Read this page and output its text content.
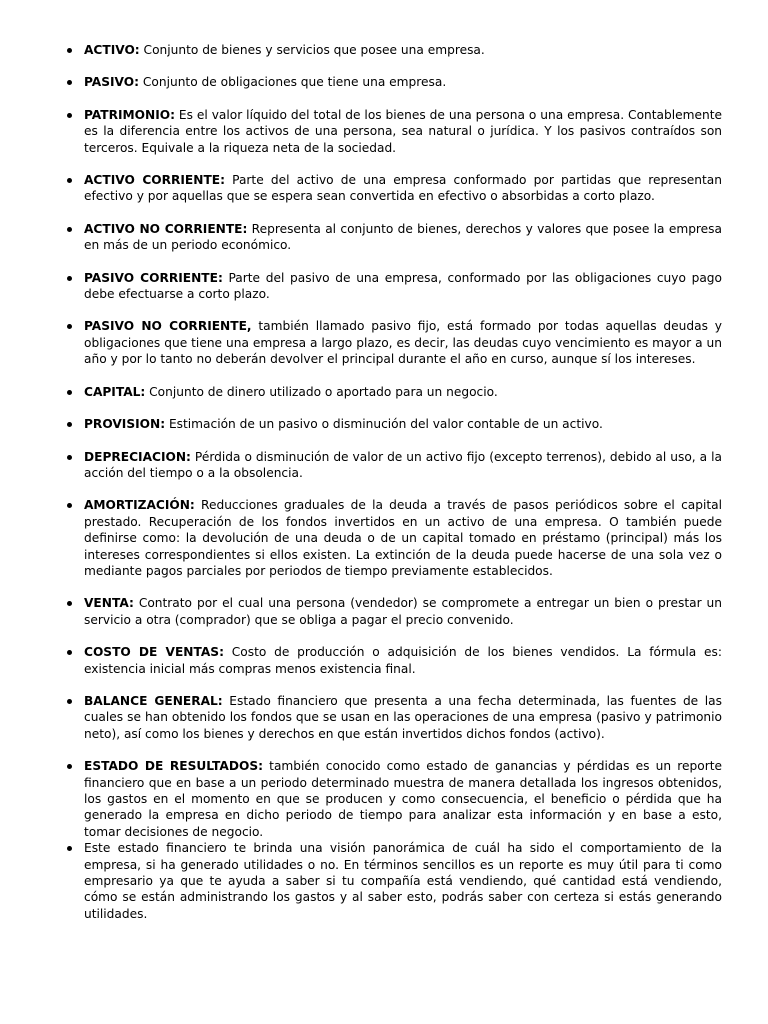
ACTIVO: Conjunto de bienes y servicios que posee una empresa.
PASIVO: Conjunto de obligaciones que tiene una empresa.
PATRIMONIO: Es el valor líquido del total de los bienes de una persona o una empresa. Contablemente es la diferencia entre los activos de una persona, sea natural o jurídica. Y los pasivos contraídos son terceros. Equivale a la riqueza neta de la sociedad.
ACTIVO CORRIENTE: Parte del activo de una empresa conformado por partidas que representan efectivo y por aquellas que se espera sean convertida en efectivo o absorbidas a corto plazo.
ACTIVO NO CORRIENTE: Representa al conjunto de bienes, derechos y valores que posee la empresa en más de un periodo económico.
PASIVO CORRIENTE: Parte del pasivo de una empresa, conformado por las obligaciones cuyo pago debe efectuarse a corto plazo.
PASIVO NO CORRIENTE, también llamado pasivo fijo, está formado por todas aquellas deudas y obligaciones que tiene una empresa a largo plazo, es decir, las deudas cuyo vencimiento es mayor a un año y por lo tanto no deberán devolver el principal durante el año en curso, aunque sí los intereses.
CAPITAL: Conjunto de dinero utilizado o aportado para un negocio.
PROVISION: Estimación de un pasivo o disminución del valor contable de un activo.
DEPRECIACION: Pérdida o disminución de valor de un activo fijo (excepto terrenos), debido al uso, a la acción del tiempo o a la obsolencia.
AMORTIZACIÓN: Reducciones graduales de la deuda a través de pasos periódicos sobre el capital prestado. Recuperación de los fondos invertidos en un activo de una empresa. O también puede definirse como: la devolución de una deuda o de un capital tomado en préstamo (principal) más los intereses correspondientes si ellos existen. La extinción de la deuda puede hacerse de una sola vez o mediante pagos parciales por periodos de tiempo previamente establecidos.
VENTA: Contrato por el cual una persona (vendedor) se compromete a entregar un bien o prestar un servicio a otra (comprador) que se obliga a pagar el precio convenido.
COSTO DE VENTAS: Costo de producción o adquisición de los bienes vendidos. La fórmula es: existencia inicial más compras menos existencia final.
BALANCE GENERAL: Estado financiero que presenta a una fecha determinada, las fuentes de las cuales se han obtenido los fondos que se usan en las operaciones de una empresa (pasivo y patrimonio neto), así como los bienes y derechos en que están invertidos dichos fondos (activo).
ESTADO DE RESULTADOS: también conocido como estado de ganancias y pérdidas es un reporte financiero que en base a un periodo determinado muestra de manera detallada los ingresos obtenidos, los gastos en el momento en que se producen y como consecuencia, el beneficio o pérdida que ha generado la empresa en dicho periodo de tiempo para analizar esta información y en base a esto, tomar decisiones de negocio.
Este estado financiero te brinda una visión panorámica de cuál ha sido el comportamiento de la empresa, si ha generado utilidades o no. En términos sencillos es un reporte es muy útil para ti como empresario ya que te ayuda a saber si tu compañía está vendiendo, qué cantidad está vendiendo, cómo se están administrando los gastos y al saber esto, podrás saber con certeza si estás generando utilidades.
